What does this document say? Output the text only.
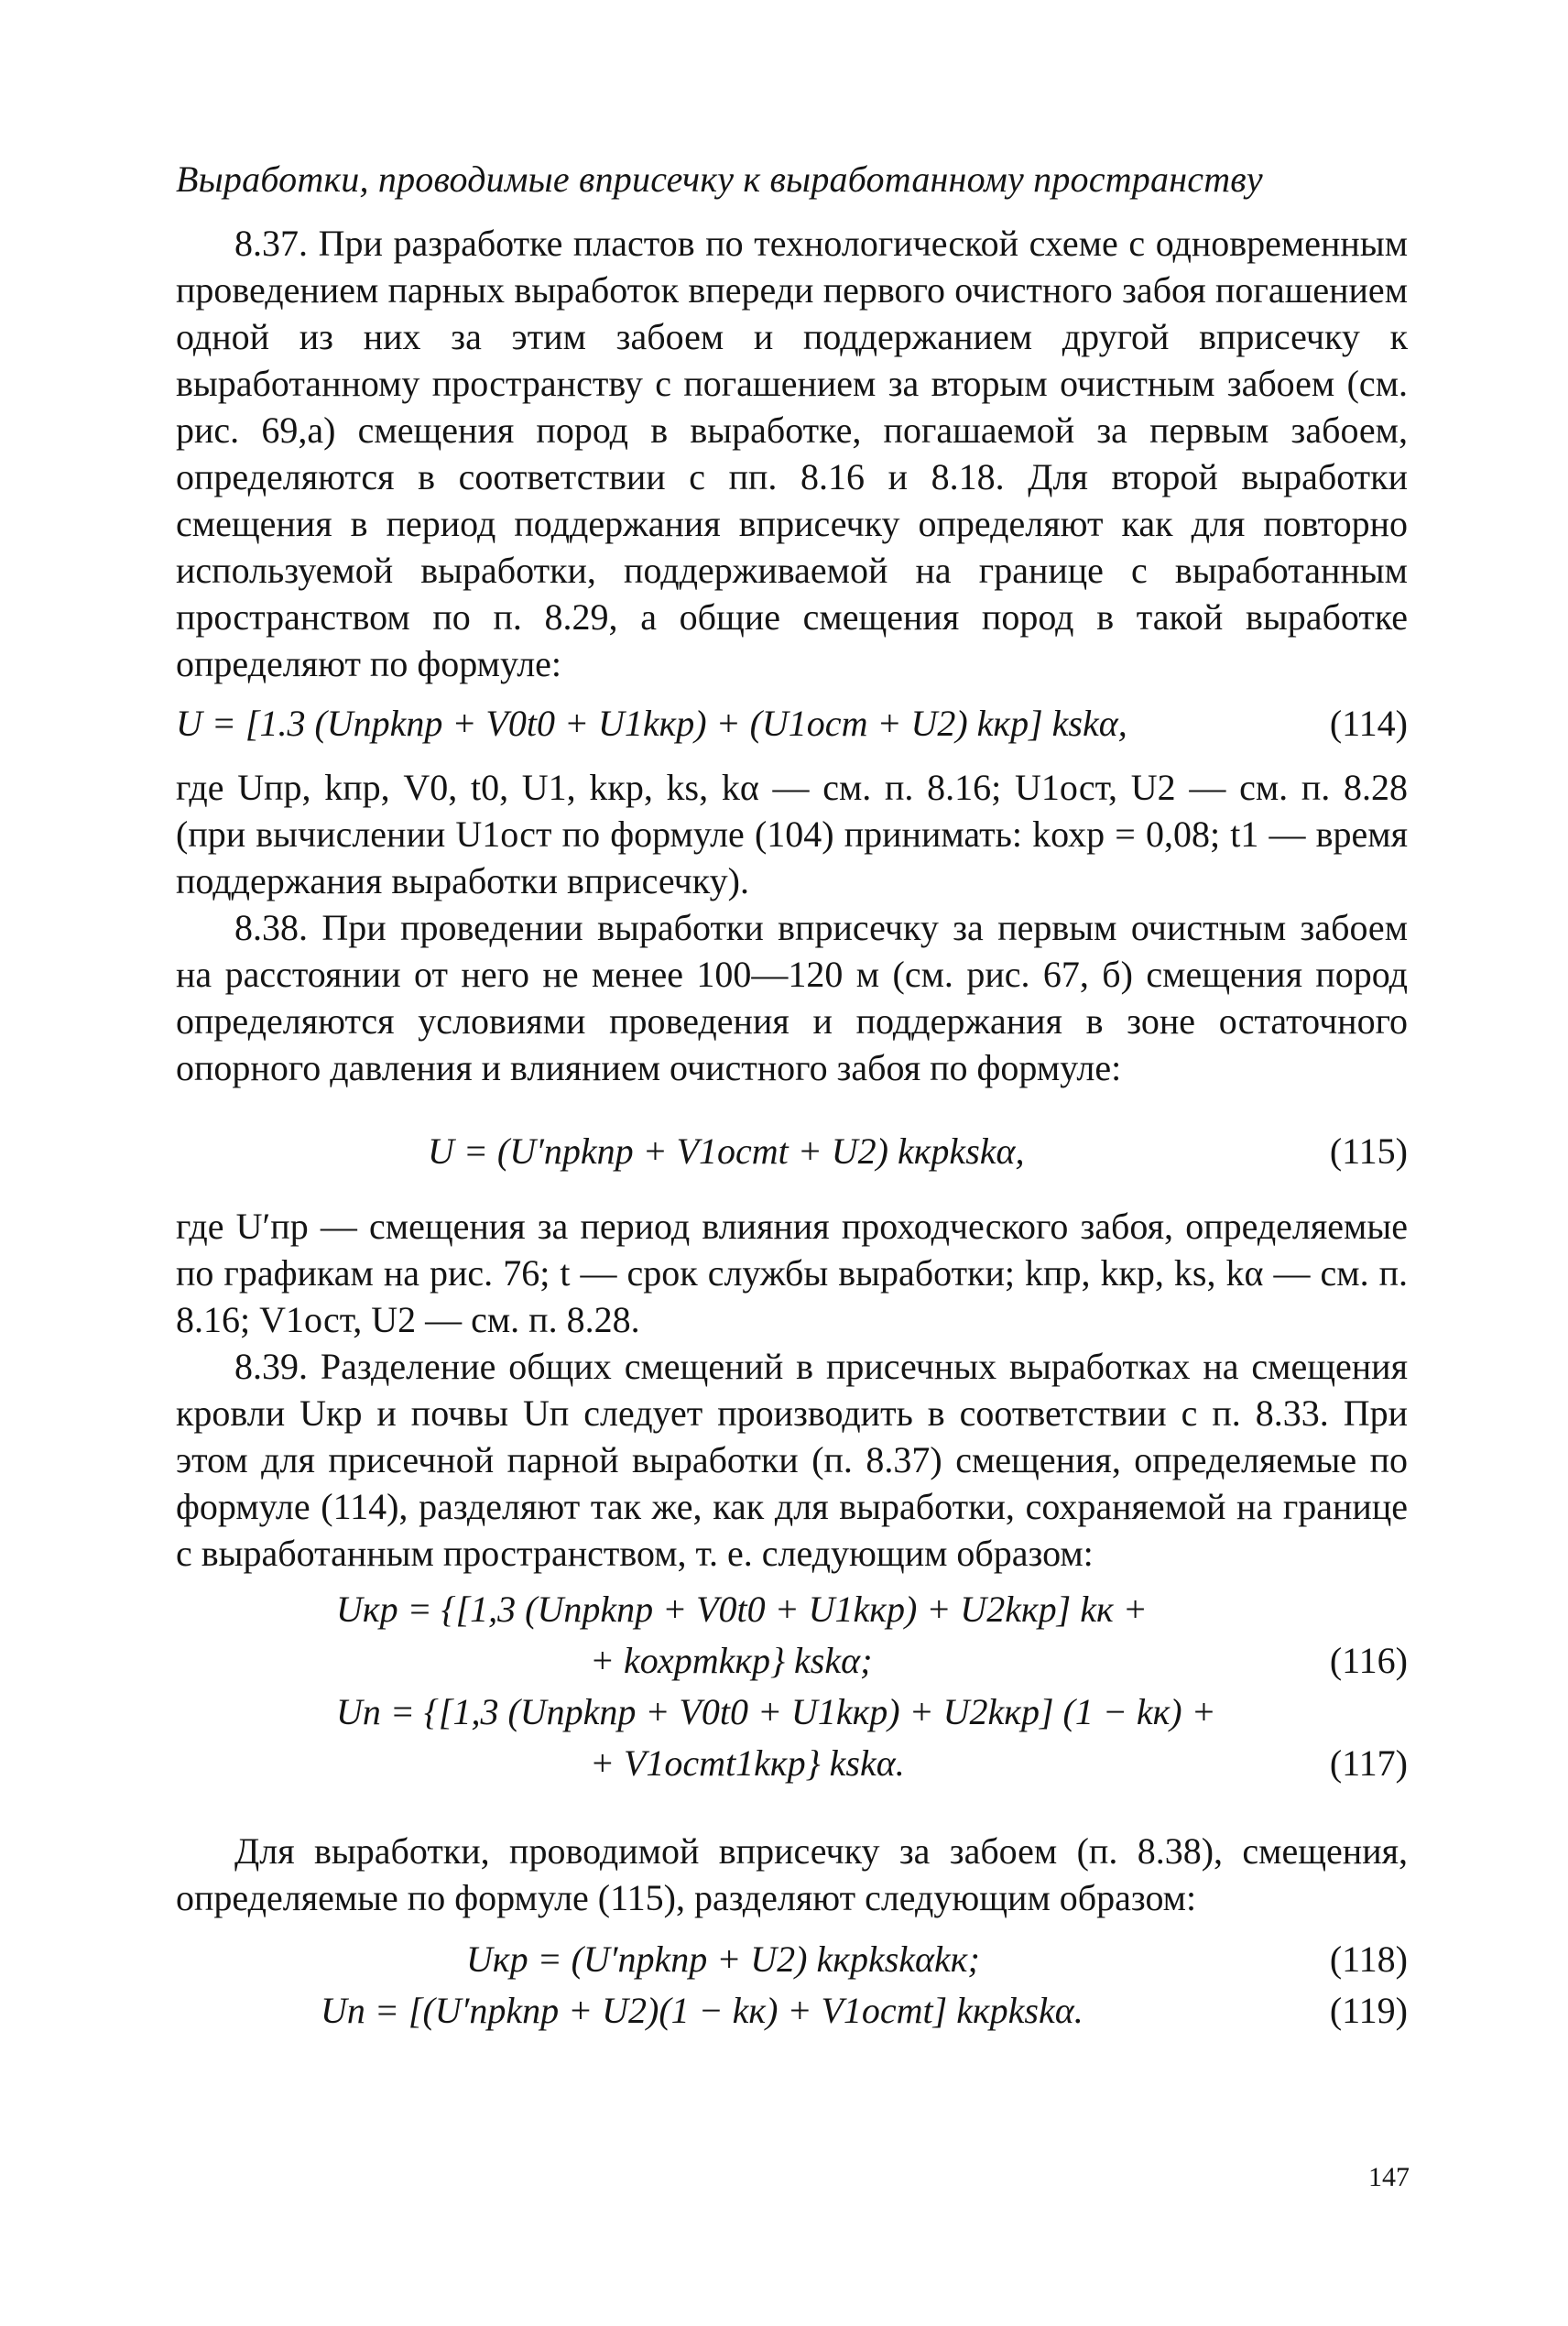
Выработки, проводимые вприсечку к выработанному пространству

8.37. При разработке пластов по технологической схеме с одновременным проведением парных выработок впереди первого очистного забоя погашением одной из них за этим забоем и поддержанием другой вприсечку к выработанному пространству с погашением за вторым очистным забоем (см. рис. 69,а) смещения пород в выработке, погашаемой за первым забоем, определяются в соответствии с пп. 8.16 и 8.18. Для второй выработки смещения в период поддержания вприсечку определяют как для повторно используемой выработки, поддерживаемой на границе с выработанным пространством по п. 8.29, а общие смещения пород в такой выработке определяют по формуле:

U = [1.3 (Uпрkпр + V0t0 + U1kкр) + (U1ост + U2) kкр] kskα,	(114)

где Uпр, kпр, V0, t0, U1, kкр, ks, kα — см. п. 8.16; U1ост, U2 — см. п. 8.28 (при вычислении U1ост по формуле (104) принимать: kохр = 0,08; t1 — время поддержания выработки вприсечку).

8.38. При проведении выработки вприсечку за первым очистным забоем на расстоянии от него не менее 100—120 м (см. рис. 67, б) смещения пород определяются условиями проведения и поддержания в зоне остаточного опорного давления и влиянием очистного забоя по формуле:

U = (U′прkпр + V1остt + U2) kкрkskα,	(115)

где U′пр — смещения за период влияния проходческого забоя, определяемые по графикам на рис. 76; t — срок службы выработки; kпр, kкр, ks, kα — см. п. 8.16; V1ост, U2 — см. п. 8.28.

8.39. Разделение общих смещений в присечных выработках на смещения кровли Uкр и почвы Uп следует производить в соответствии с п. 8.33. При этом для присечной парной выработки (п. 8.37) смещения, определяемые по формуле (114), разделяют так же, как для выработки, сохраняемой на границе с выработанным пространством, т. е. следующим образом:

Uкр = {[1,3 (Uпрkпр + V0t0 + U1kкр) + U2kкр] kк +
+ kохрmkкр} kskα;	(116)
Uп = {[1,3 (Uпрkпр + V0t0 + U1kкр) + U2kкр] (1 − kк) +
+ V1остt1kкр} kskα.	(117)

Для выработки, проводимой вприсечку за забоем (п. 8.38), смещения, определяемые по формуле (115), разделяют следующим образом:

Uкр = (U′прkпр + U2) kкрkskαkк;	(118)
Uп = [(U′прkпр + U2)(1 − kк) + V1остt] kкрkskα.	(119)
147
